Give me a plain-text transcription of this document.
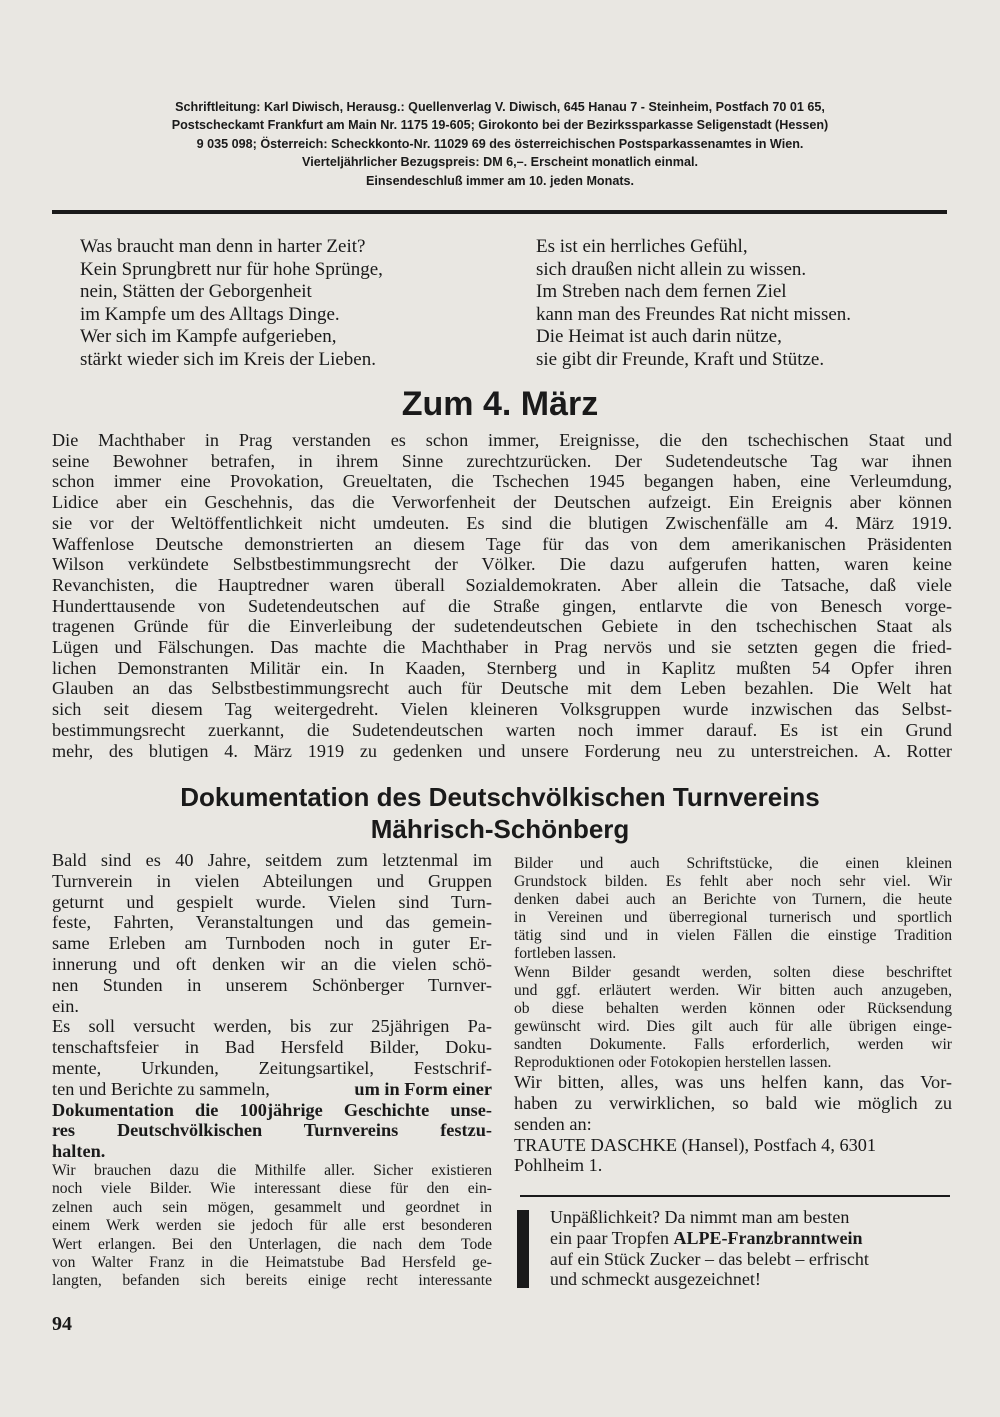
Schriftleitung: Karl Diwisch, Herausg.: Quellenverlag V. Diwisch, 645 Hanau 7 - Steinheim, Postfach 70 01 65,
Postscheckamt Frankfurt am Main Nr. 1175 19-605; Girokonto bei der Bezirkssparkasse Seligenstadt (Hessen)
9 035 098; Österreich: Scheckkonto-Nr. 11029 69 des österreichischen Postsparkassenamtes in Wien.
Vierteljährlicher Bezugspreis: DM 6,–. Erscheint monatlich einmal.
Einsendeschluß immer am 10. jeden Monats.
Was braucht man denn in harter Zeit?
Kein Sprungbrett nur für hohe Sprünge,
nein, Stätten der Geborgenheit
im Kampfe um des Alltags Dinge.
Wer sich im Kampfe aufgerieben,
stärkt wieder sich im Kreis der Lieben.
Es ist ein herrliches Gefühl,
sich draußen nicht allein zu wissen.
Im Streben nach dem fernen Ziel
kann man des Freundes Rat nicht missen.
Die Heimat ist auch darin nütze,
sie gibt dir Freunde, Kraft und Stütze.
Zum 4. März
Die Machthaber in Prag verstanden es schon immer, Ereignisse, die den tschechischen Staat und
seine Bewohner betrafen, in ihrem Sinne zurechtzurücken. Der Sudetendeutsche Tag war ihnen
schon immer eine Provokation, Greueltaten, die Tschechen 1945 begangen haben, eine Verleumdung,
Lidice aber ein Geschehnis, das die Verworfenheit der Deutschen aufzeigt. Ein Ereignis aber können
sie vor der Weltöffentlichkeit nicht umdeuten. Es sind die blutigen Zwischenfälle am 4. März 1919.
Waffenlose Deutsche demonstrierten an diesem Tage für das von dem amerikanischen Präsidenten
Wilson verkündete Selbstbestimmungsrecht der Völker. Die dazu aufgerufen hatten, waren keine
Revanchisten, die Hauptredner waren überall Sozialdemokraten. Aber allein die Tatsache, daß viele
Hunderttausende von Sudetendeutschen auf die Straße gingen, entlarvte die von Benesch vorge-
tragenen Gründe für die Einverleibung der sudetendeutschen Gebiete in den tschechischen Staat als
Lügen und Fälschungen. Das machte die Machthaber in Prag nervös und sie setzten gegen die fried-
lichen Demonstranten Militär ein. In Kaaden, Sternberg und in Kaplitz mußten 54 Opfer ihren
Glauben an das Selbstbestimmungsrecht auch für Deutsche mit dem Leben bezahlen. Die Welt hat
sich seit diesem Tag weitergedreht. Vielen kleineren Volksgruppen wurde inzwischen das Selbst-
bestimmungsrecht zuerkannt, die Sudetendeutschen warten noch immer darauf. Es ist ein Grund
mehr, des blutigen 4. März 1919 zu gedenken und unsere Forderung neu zu unterstreichen. A. Rotter
Dokumentation des Deutschvölkischen Turnvereins
Mährisch-Schönberg
Bald sind es 40 Jahre, seitdem zum letztenmal im
Turnverein in vielen Abteilungen und Gruppen
geturnt und gespielt wurde. Vielen sind Turn-
feste, Fahrten, Veranstaltungen und das gemein-
same Erleben am Turnboden noch in guter Er-
innerung und oft denken wir an die vielen schö-
nen Stunden in unserem Schönberger Turnver-
ein.
Es soll versucht werden, bis zur 25jährigen Pa-
tenschaftsfeier in Bad Hersfeld Bilder, Doku-
mente, Urkunden, Zeitungsartikel, Festschrif-
ten und Berichte zu sammeln,	um in Form einer
Dokumentation die 100jährige Geschichte unse-
res Deutschvölkischen Turnvereins festzu-
halten.
Wir brauchen dazu die Mithilfe aller. Sicher existieren
noch viele Bilder. Wie interessant diese für den ein-
zelnen auch sein mögen, gesammelt und geordnet in
einem Werk werden sie jedoch für alle erst besonderen
Wert erlangen. Bei den Unterlagen, die nach dem Tode
von Walter Franz in die Heimatstube Bad Hersfeld ge-
langten, befanden sich bereits einige recht interessante
Bilder und auch Schriftstücke, die einen kleinen
Grundstock bilden. Es fehlt aber noch sehr viel. Wir
denken dabei auch an Berichte von Turnern, die heute
in Vereinen und überregional turnerisch und sportlich
tätig sind und in vielen Fällen die einstige Tradition
fortleben lassen.
Wenn Bilder gesandt werden, solten diese beschriftet
und ggf. erläutert werden. Wir bitten auch anzugeben,
ob diese behalten werden können oder Rücksendung
gewünscht wird. Dies gilt auch für alle übrigen einge-
sandten Dokumente. Falls erforderlich, werden wir
Reproduktionen oder Fotokopien herstellen lassen.
Wir bitten, alles, was uns helfen kann, das Vor-
haben zu verwirklichen, so bald wie möglich zu
senden an:
TRAUTE DASCHKE (Hansel), Postfach 4, 6301
Pohlheim 1.
Unpäßlichkeit? Da nimmt man am besten
ein paar Tropfen ALPE-Franzbranntwein
auf ein Stück Zucker – das belebt – erfrischt
und schmeckt ausgezeichnet!
94
